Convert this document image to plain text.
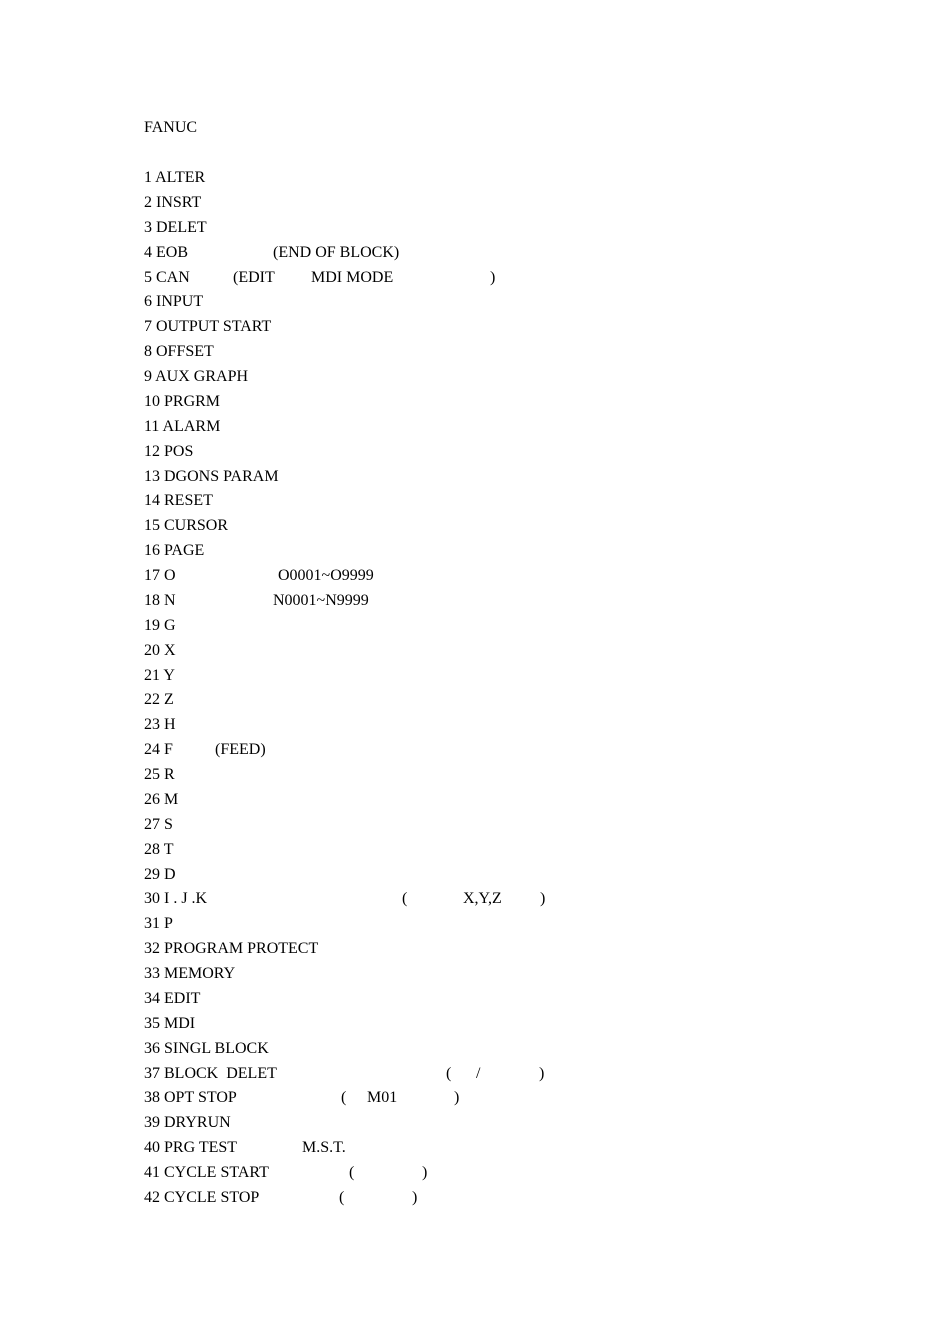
FANUC
1 ALTER
2 INSRT
3 DELET
4 EOB	(END OF BLOCK)
5 CAN	(EDIT MDI MODE	)
6 INPUT
7 OUTPUT START
8 OFFSET
9 AUX GRAPH
10 PRGRM
11 ALARM
12 POS
13 DGONS PARAM
14 RESET
15 CURSOR
16 PAGE
17 O	O0001~O9999
18 N	N0001~N9999
19 G
20 X
21 Y
22 Z
23 H
24 F	(FEED)
25 R
26 M
27 S
28 T
29 D
30 I . J .K	(	X,Y,Z )
31 P
32 PROGRAM PROTECT
33 MEMORY
34 EDIT
35 MDI
36 SINGL BLOCK
37 BLOCK  DELET	( /	)
38 OPT STOP	( M01	)
39 DRYRUN
40 PRG TEST	M.S.T.
41 CYCLE START	(	)
42 CYCLE STOP	(	)
